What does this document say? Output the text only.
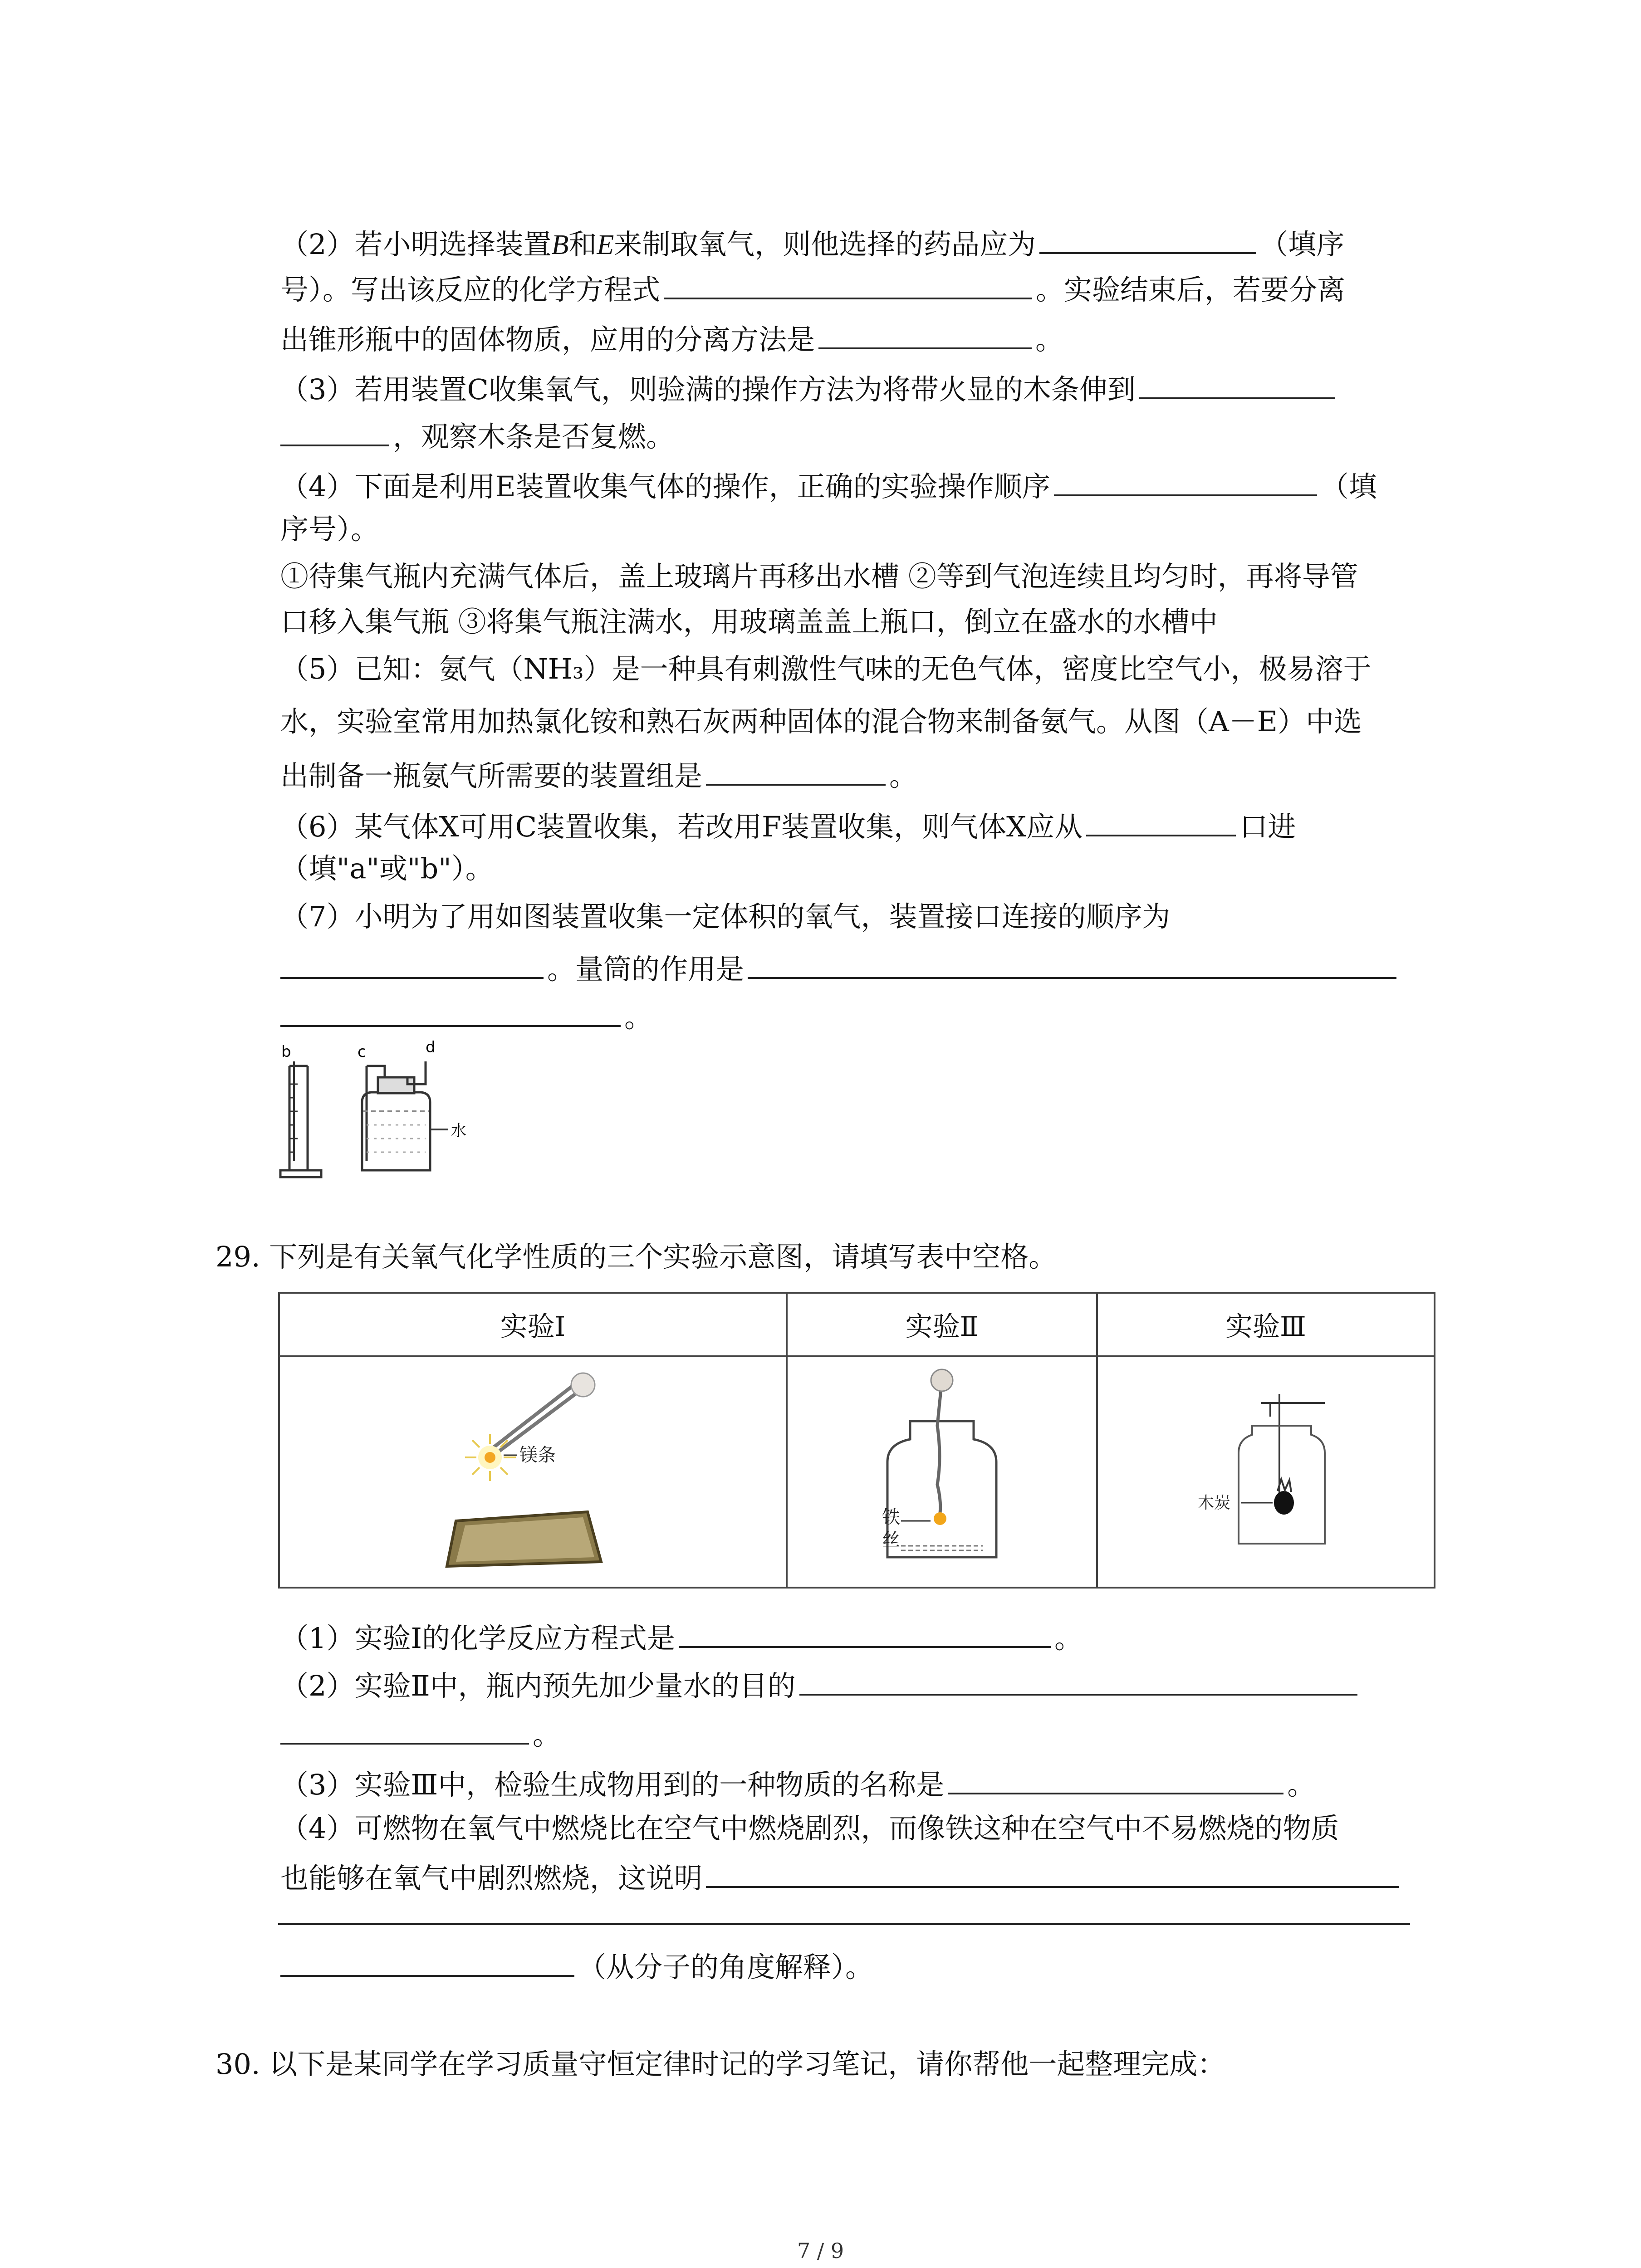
（2）若小明选择装置B和E来制取氧气，则他选择的药品应为	（填序
号）。写出该反应的化学方程式	。实验结束后，若要分离
出锥形瓶中的固体物质，应用的分离方法是	。
（3）若用装置C收集氧气，则验满的操作方法为将带火显的木条伸到
，观察木条是否复燃。
（4）下面是利用E装置收集气体的操作，正确的实验操作顺序	（填
序号）。
①待集气瓶内充满气体后，盖上玻璃片再移出水槽 ②等到气泡连续且均匀时，再将导管
口移入集气瓶 ③将集气瓶注满水，用玻璃盖盖上瓶口，倒立在盛水的水槽中
（5）已知：氨气（NH₃）是一种具有刺激性气味的无色气体，密度比空气小，极易溶于
水，实验室常用加热氯化铵和熟石灰两种固体的混合物来制备氨气。从图（A－E）中选
出制备一瓶氨气所需要的装置组是	。
（6）某气体X可用C装置收集，若改用F装置收集，则气体X应从	口进
（填"a"或"b"）。
（7）小明为了用如图装置收集一定体积的氧气，装置接口连接的顺序为
。量筒的作用是
。
b	c	d
水
29. 下列是有关氧气化学性质的三个实验示意图，请填写表中空格。
实验Ⅰ	实验Ⅱ	实验Ⅲ

镁条	铁
丝	木炭
（1）实验Ⅰ的化学反应方程式是	。
（2）实验Ⅱ中，瓶内预先加少量水的目的
。
（3）实验Ⅲ中，检验生成物用到的一种物质的名称是	。
（4）可燃物在氧气中燃烧比在空气中燃烧剧烈，而像铁这种在空气中不易燃烧的物质
也能够在氧气中剧烈燃烧，这说明
（从分子的角度解释）。
30. 以下是某同学在学习质量守恒定律时记的学习笔记，请你帮他一起整理完成：
7 / 9
